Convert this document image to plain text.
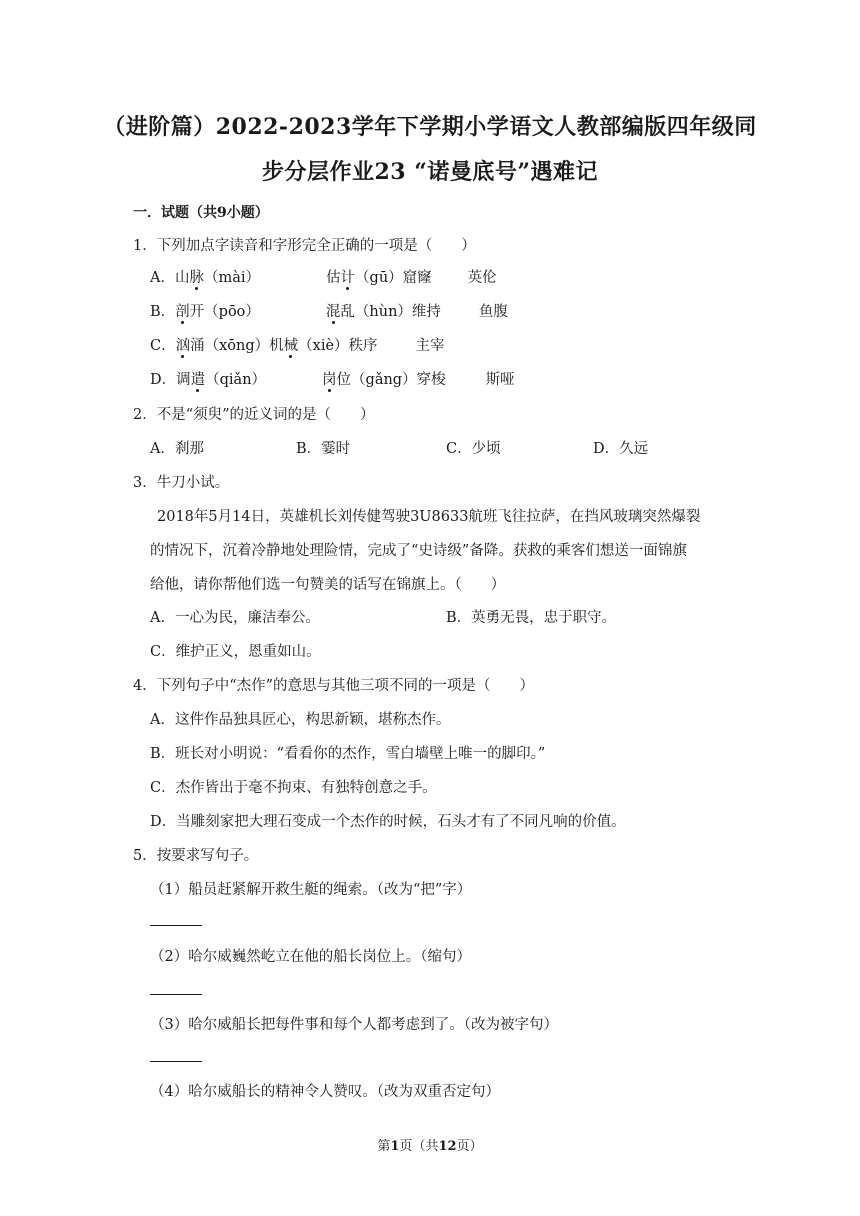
（进阶篇）2022-2023学年下学期小学语文人教部编版四年级同
步分层作业23 “诺曼底号”遇难记
一．试题（共9小题）
1．下列加点字读音和字形完全正确的一项是（　　）
A．山脉（mài）	估计（gū）窟窿 英伦
B．剖开（pōo）	混乱（hùn）维持	鱼腹
C．汹涌（xōng）机械（xiè）秩序	主宰
D．调遣（qiǎn）	岗位（gǎng）穿梭	斯哑
2．不是“须臾”的近义词的是（　　）
A．刹那	B．霎时	C．少顷	D．久远
3．牛刀小试。
2018年5月14日，英雄机长刘传健驾驶3U8633航班飞往拉萨，在挡风玻璃突然爆裂
的情况下，沉着冷静地处理险情，完成了“史诗级”备降。获救的乘客们想送一面锦旗
给他，请你帮他们选一句赞美的话写在锦旗上。（　　）
A．一心为民，廉洁奉公。	B．英勇无畏，忠于职守。
C．维护正义，恩重如山。
4．下列句子中“杰作”的意思与其他三项不同的一项是（　　）
A．这件作品独具匠心，构思新颖，堪称杰作。
B．班长对小明说：“看看你的杰作，雪白墙壁上唯一的脚印。”
C．杰作皆出于毫不拘束、有独特创意之手。
D．当雕刻家把大理石变成一个杰作的时候，石头才有了不同凡响的价值。
5．按要求写句子。
（1）船员赶紧解开救生艇的绳索。（改为“把”字）
（2）哈尔威巍然屹立在他的船长岗位上。（缩句）
（3）哈尔威船长把每件事和每个人都考虑到了。（改为被字句）
（4）哈尔威船长的精神令人赞叹。（改为双重否定句）
第1页（共12页）
